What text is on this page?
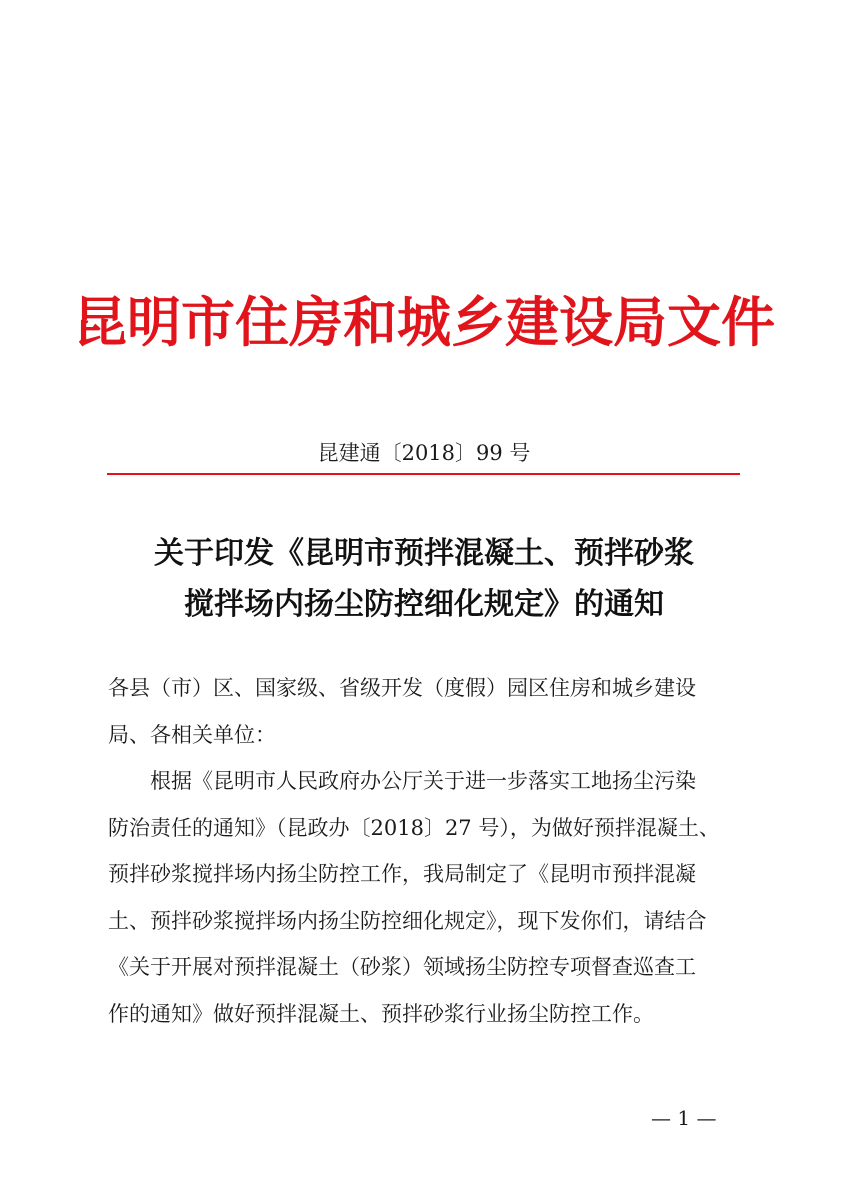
昆明市住房和城乡建设局文件
昆建通〔2018〕99 号
关于印发《昆明市预拌混凝土、预拌砂浆
搅拌场内扬尘防控细化规定》的通知
各县（市）区、国家级、省级开发（度假）园区住房和城乡建设
局、各相关单位：
根据《昆明市人民政府办公厅关于进一步落实工地扬尘污染
防治责任的通知》（昆政办〔2018〕27 号），为做好预拌混凝土、
预拌砂浆搅拌场内扬尘防控工作，我局制定了《昆明市预拌混凝
土、预拌砂浆搅拌场内扬尘防控细化规定》，现下发你们，请结合
《关于开展对预拌混凝土（砂浆）领域扬尘防控专项督查巡查工
作的通知》做好预拌混凝土、预拌砂浆行业扬尘防控工作。
— 1 —
